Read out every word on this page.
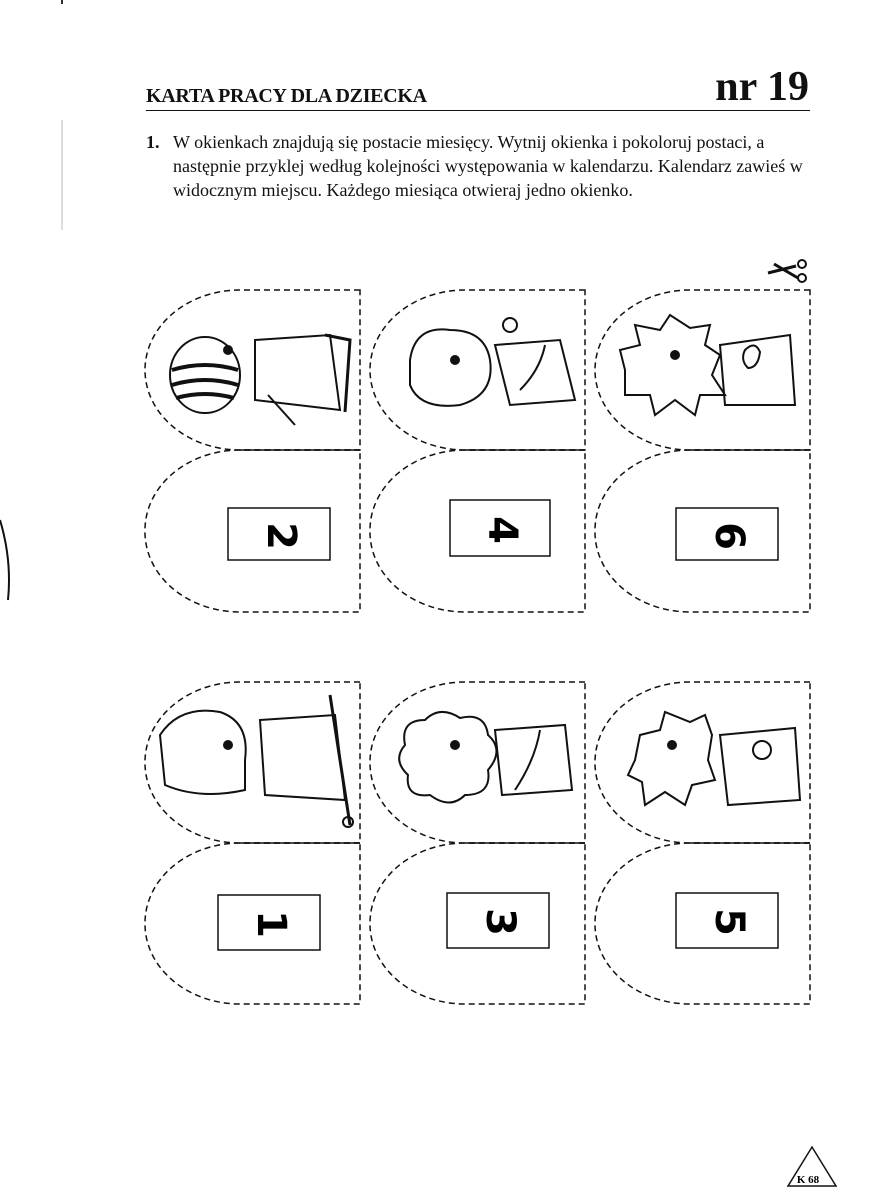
KARTA PRACY DLA DZIECKA	nr 19
1. W okienkach znajdują się postacie miesięcy. Wytnij okienka i pokoloruj postaci, a następnie przyklej według kolejności występowania w kalendarzu. Kalendarz zawieś w widocznym miejscu. Każdego miesiąca otwieraj jedno okienko.
2	4	6
1	3	5
K 68
